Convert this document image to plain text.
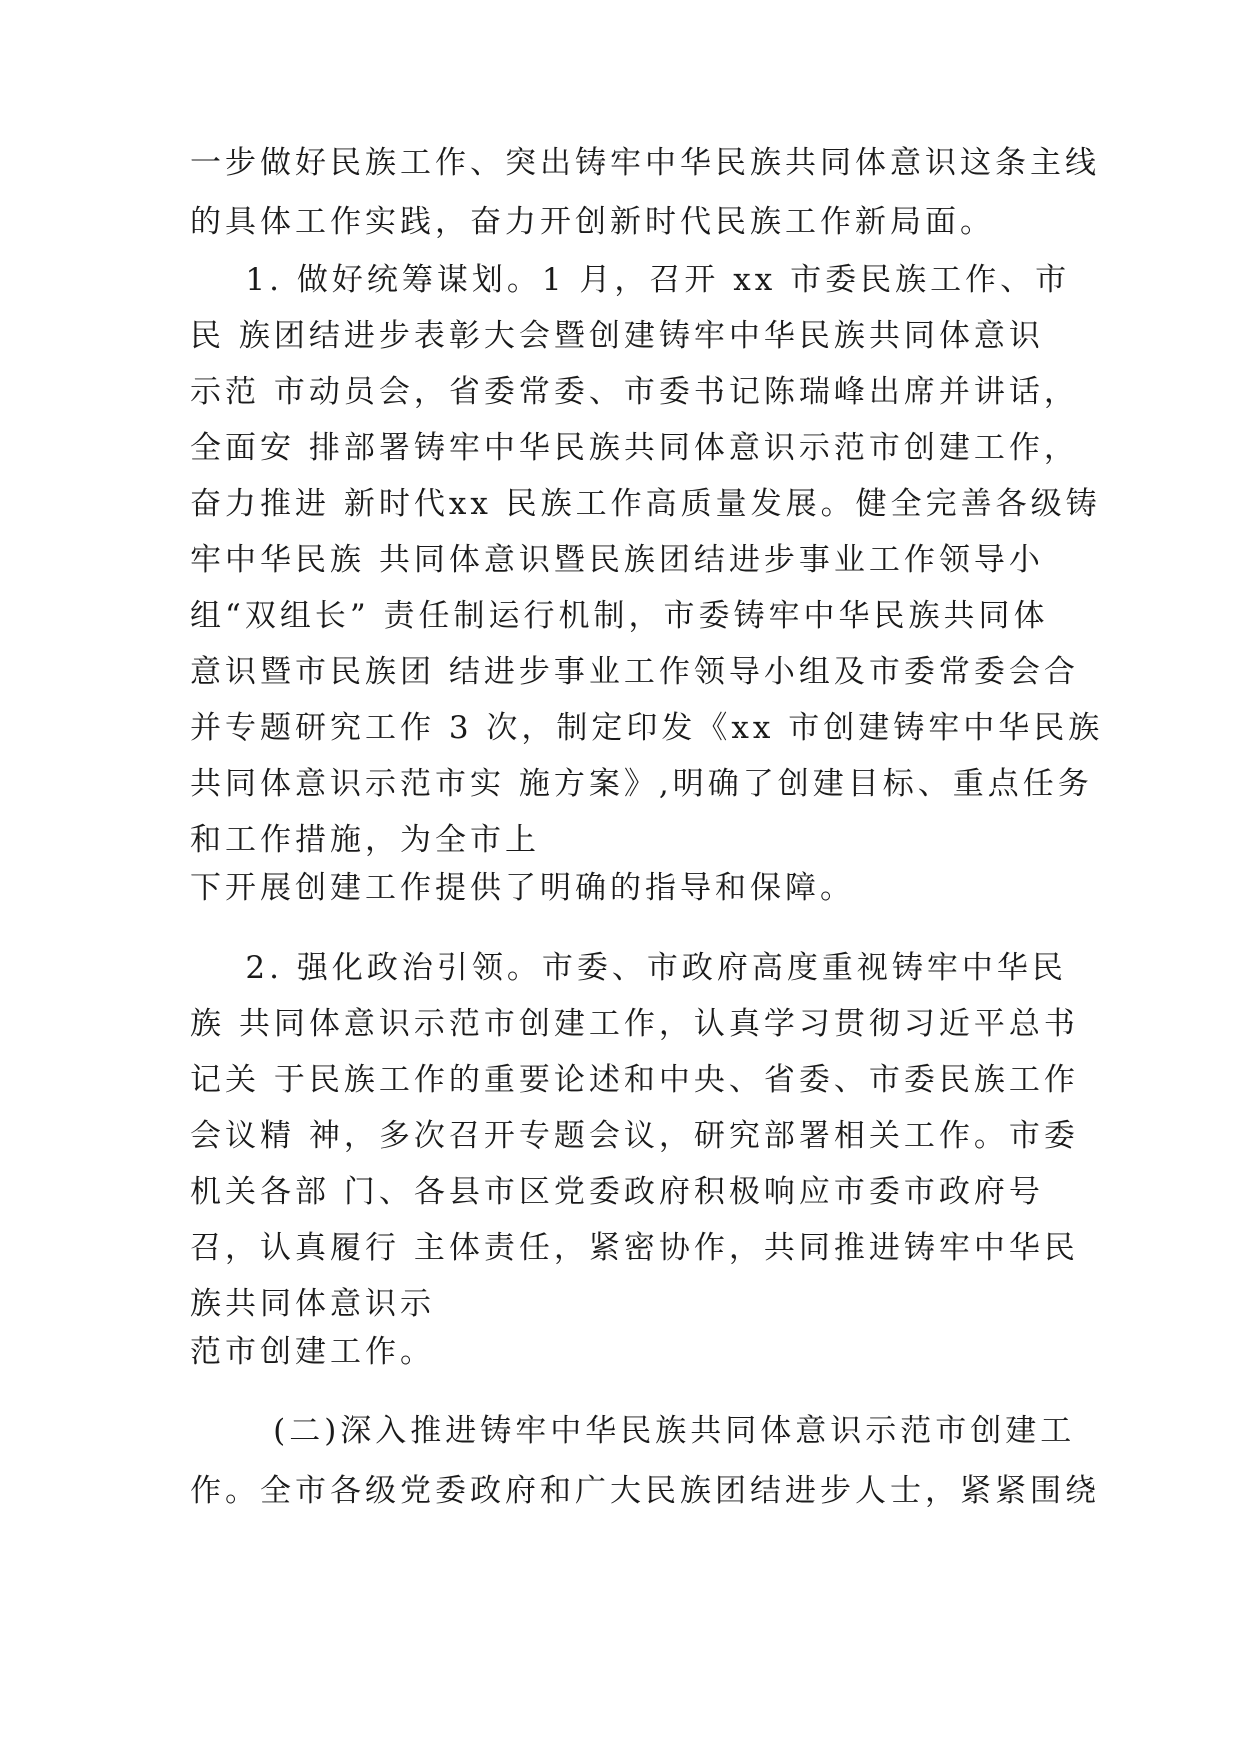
一步做好民族工作、突出铸牢中华民族共同体意识这条主线
的具体工作实践，奋力开创新时代民族工作新局面。
1. 做好统筹谋划。1 月，召开 xx 市委民族工作、市
民 族团结进步表彰大会暨创建铸牢中华民族共同体意识
示范 市动员会，省委常委、市委书记陈瑞峰出席并讲话，
全面安 排部署铸牢中华民族共同体意识示范市创建工作，
奋力推进 新时代xx 民族工作高质量发展。健全完善各级铸
牢中华民族 共同体意识暨民族团结进步事业工作领导小
组“双组长” 责任制运行机制，市委铸牢中华民族共同体
意识暨市民族团 结进步事业工作领导小组及市委常委会合
并专题研究工作 3 次，制定印发《xx 市创建铸牢中华民族
共同体意识示范市实 施方案》,明确了创建目标、重点任务
和工作措施，为全市上
下开展创建工作提供了明确的指导和保障。
2. 强化政治引领。市委、市政府高度重视铸牢中华民
族 共同体意识示范市创建工作，认真学习贯彻习近平总书
记关 于民族工作的重要论述和中央、省委、市委民族工作
会议精 神，多次召开专题会议，研究部署相关工作。市委
机关各部 门、各县市区党委政府积极响应市委市政府号
召，认真履行 主体责任，紧密协作，共同推进铸牢中华民
族共同体意识示
范市创建工作。
(二)深入推进铸牢中华民族共同体意识示范市创建工
作。全市各级党委政府和广大民族团结进步人士，紧紧围绕
